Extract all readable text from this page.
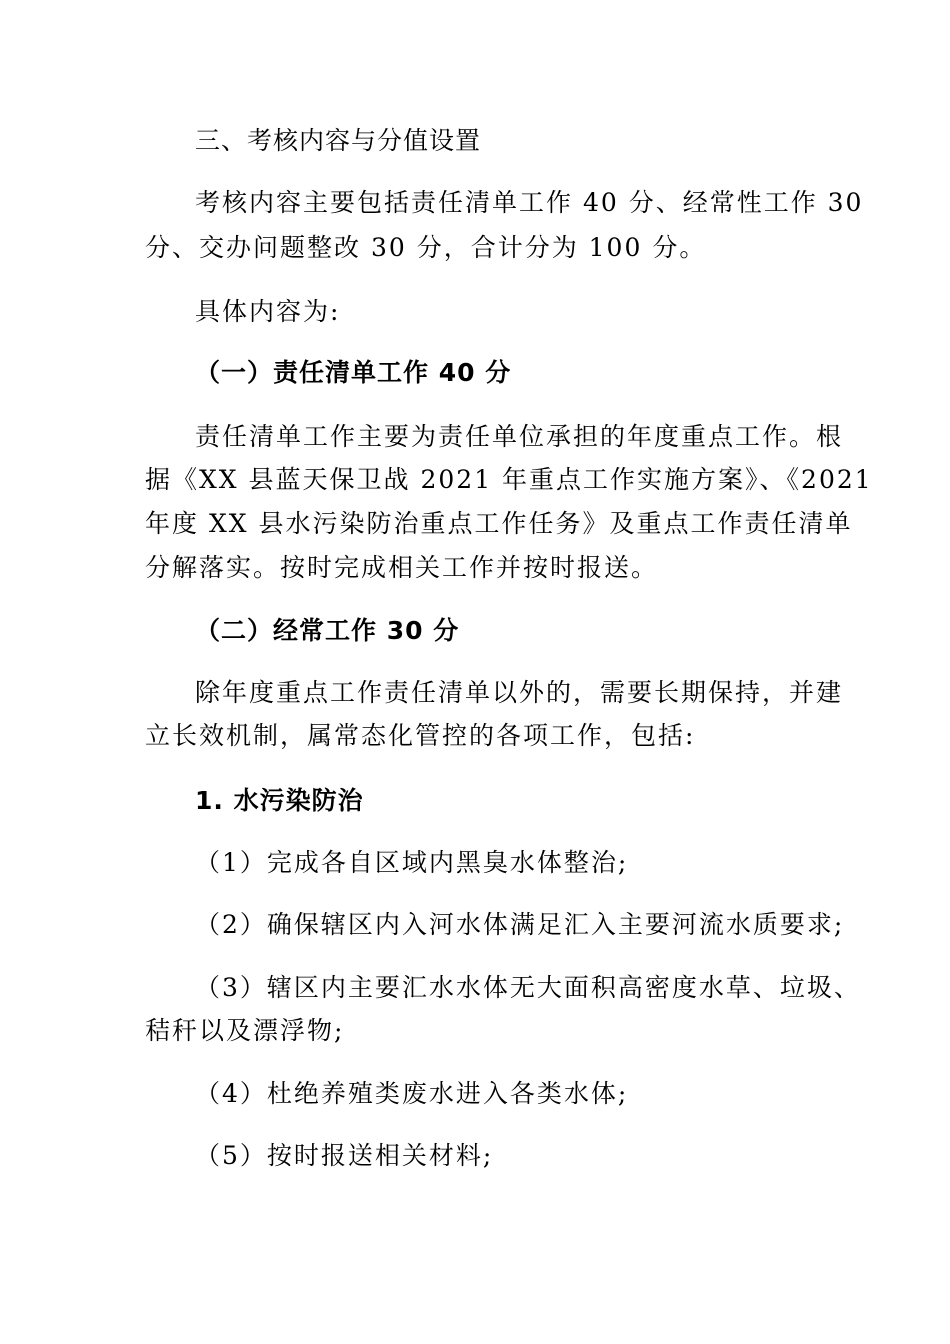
三、考核内容与分值设置
考核内容主要包括责任清单工作 40 分、经常性工作 30
分、交办问题整改 30 分，合计分为 100 分。
具体内容为:
（一）责任清单工作 40 分
责任清单工作主要为责任单位承担的年度重点工作。根
据《XX 县蓝天保卫战 2021 年重点工作实施方案》、《2021
年度 XX 县水污染防治重点工作任务》及重点工作责任清单
分解落实。按时完成相关工作并按时报送。
（二）经常工作 30 分
除年度重点工作责任清单以外的，需要长期保持，并建
立长效机制，属常态化管控的各项工作，包括:
1. 水污染防治
（1）完成各自区域内黑臭水体整治;
（2）确保辖区内入河水体满足汇入主要河流水质要求;
（3）辖区内主要汇水水体无大面积高密度水草、垃圾、
秸秆以及漂浮物;
（4）杜绝养殖类废水进入各类水体;
（5）按时报送相关材料;
